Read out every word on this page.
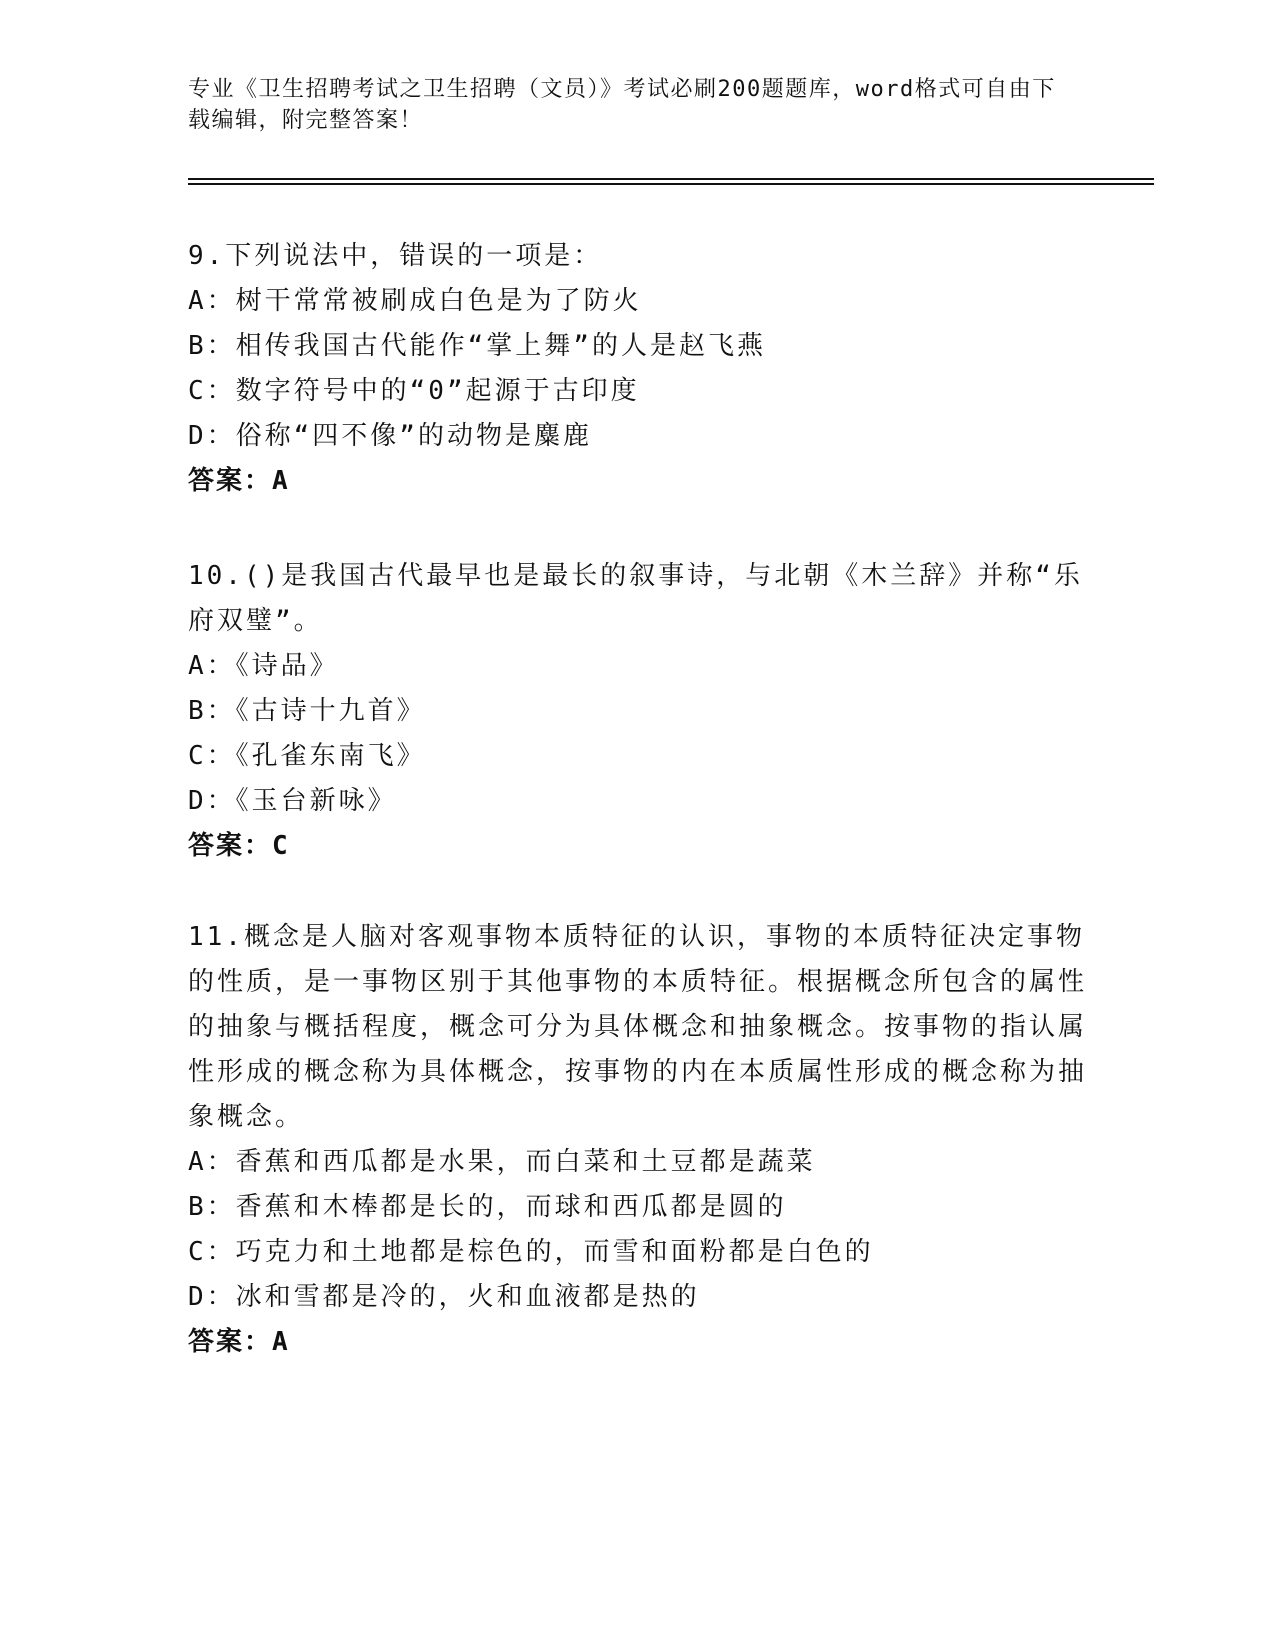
专业《卫生招聘考试之卫生招聘（文员）》考试必刷200题题库，word格式可自由下载编辑，附完整答案！

9.下列说法中，错误的一项是：

A：树干常常被刷成白色是为了防火

B：相传我国古代能作“掌上舞”的人是赵飞燕

C：数字符号中的“0”起源于古印度

D：俗称“四不像”的动物是麋鹿

答案：A

10.()是我国古代最早也是最长的叙事诗，与北朝《木兰辞》并称“乐府双璧”。

A：《诗品》

B：《古诗十九首》

C：《孔雀东南飞》

D：《玉台新咏》

答案：C

11.概念是人脑对客观事物本质特征的认识，事物的本质特征决定事物的性质，是一事物区别于其他事物的本质特征。根据概念所包含的属性的抽象与概括程度，概念可分为具体概念和抽象概念。按事物的指认属性形成的概念称为具体概念，按事物的内在本质属性形成的概念称为抽象概念。

A：香蕉和西瓜都是水果，而白菜和土豆都是蔬菜

B：香蕉和木棒都是长的，而球和西瓜都是圆的

C：巧克力和土地都是棕色的，而雪和面粉都是白色的

D：冰和雪都是冷的，火和血液都是热的

答案：A
